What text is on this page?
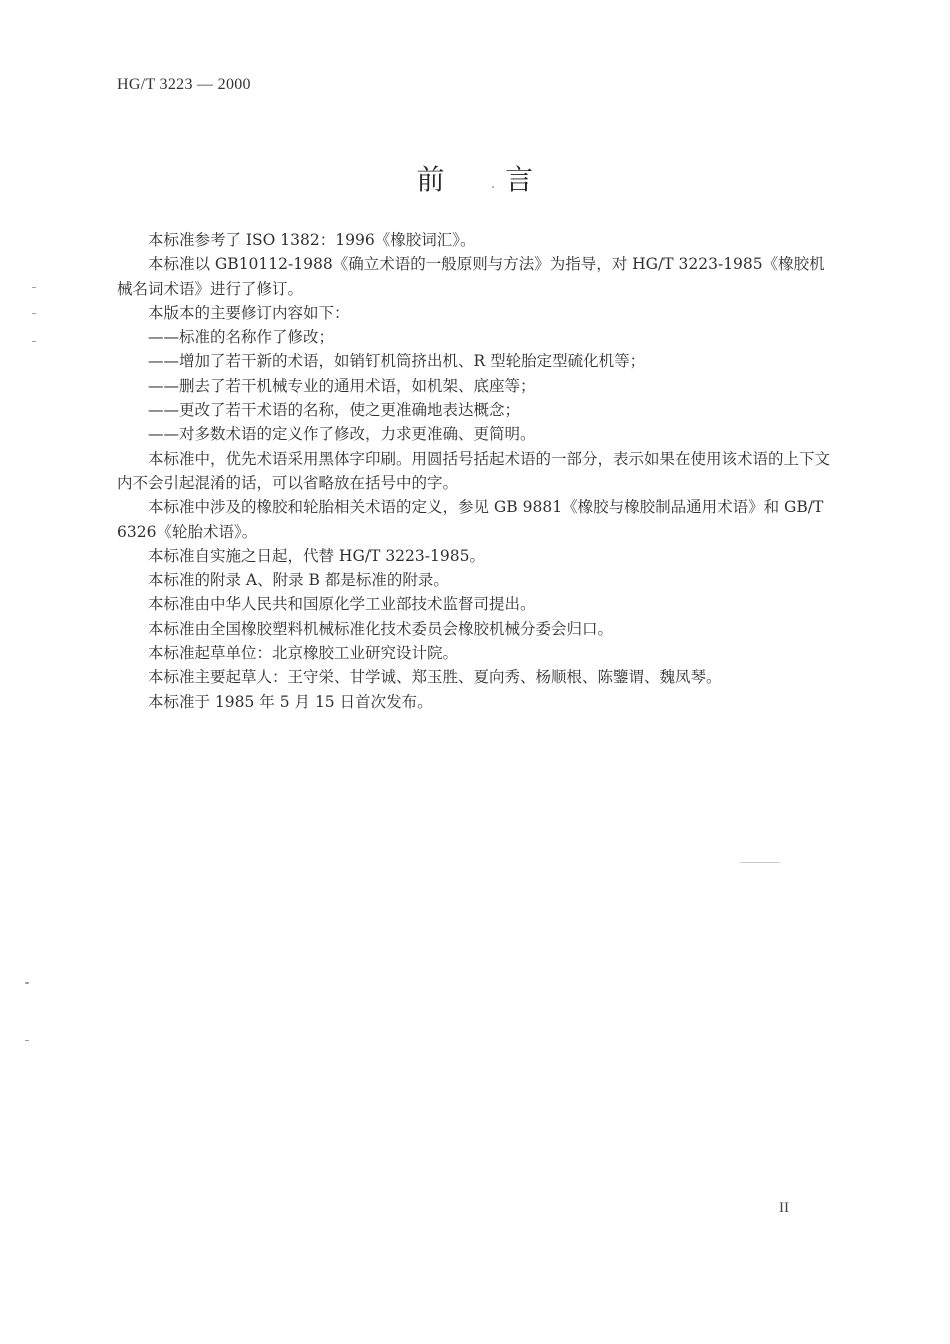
HG/T 3223 — 2000
前 言

本标准参考了 ISO 1382：1996《橡胶词汇》。

本标准以 GB10112-1988《确立术语的一般原则与方法》为指导，对 HG/T 3223-1985《橡胶机械名词术语》进行了修订。

本版本的主要修订内容如下：

——标准的名称作了修改；

——增加了若干新的术语，如销钉机筒挤出机、R 型轮胎定型硫化机等；

——删去了若干机械专业的通用术语，如机架、底座等；

——更改了若干术语的名称，使之更准确地表达概念；

——对多数术语的定义作了修改，力求更准确、更简明。

本标准中，优先术语采用黑体字印刷。用圆括号括起术语的一部分，表示如果在使用该术语的上下文内不会引起混淆的话，可以省略放在括号中的字。

本标准中涉及的橡胶和轮胎相关术语的定义，参见 GB 9881《橡胶与橡胶制品通用术语》和 GB/T 6326《轮胎术语》。

本标准自实施之日起，代替 HG/T 3223-1985。

本标准的附录 A、附录 B 都是标准的附录。

本标准由中华人民共和国原化学工业部技术监督司提出。

本标准由全国橡胶塑料机械标准化技术委员会橡胶机械分委会归口。

本标准起草单位：北京橡胶工业研究设计院。

本标准主要起草人：王守栄、甘学诚、郑玉胜、夏向秀、杨顺根、陈鑒谓、魏凤琴。

本标准于 1985 年 5 月 15 日首次发布。

II
